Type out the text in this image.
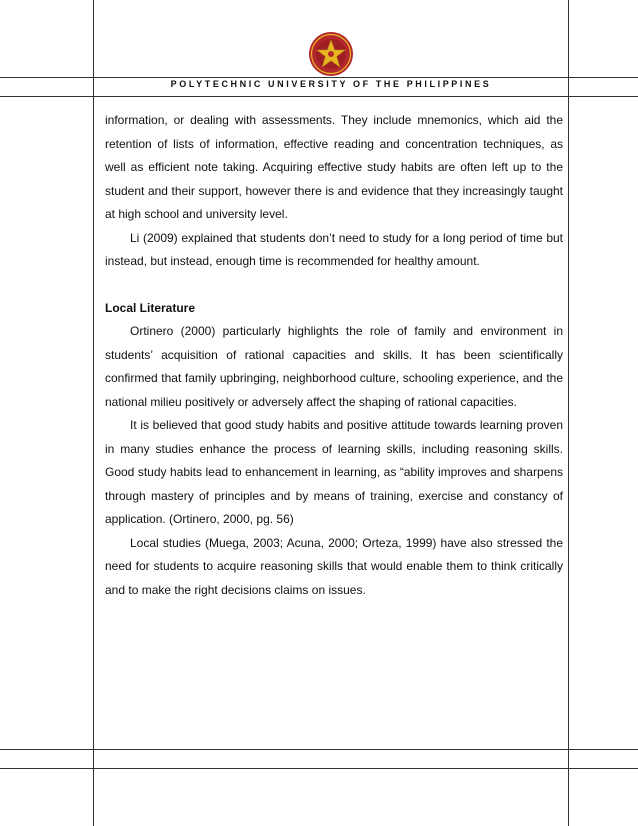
POLYTECHNIC UNIVERSITY OF THE PHILIPPINES

information, or dealing with assessments. They include mnemonics, which aid the retention of lists of information, effective reading and concentration techniques, as well as efficient note taking. Acquiring effective study habits are often left up to the student and their support, however there is and evidence that they increasingly taught at high school and university level.

Li (2009) explained that students don’t need to study for a long period of time but instead, but instead, enough time is recommended for healthy amount.

Local Literature

Ortinero (2000) particularly highlights the role of family and environment in students’ acquisition of rational capacities and skills. It has been scientifically confirmed that family upbringing, neighborhood culture, schooling experience, and the national milieu positively or adversely affect the shaping of rational capacities.

It is believed that good study habits and positive attitude towards learning proven in many studies enhance the process of learning skills, including reasoning skills. Good study habits lead to enhancement in learning, as “ability improves and sharpens through mastery of principles and by means of training, exercise and constancy of application. (Ortinero, 2000, pg. 56)

Local studies (Muega, 2003; Acuna, 2000; Orteza, 1999) have also stressed the need for students to acquire reasoning skills that would enable them to think critically and to make the right decisions claims on issues.
